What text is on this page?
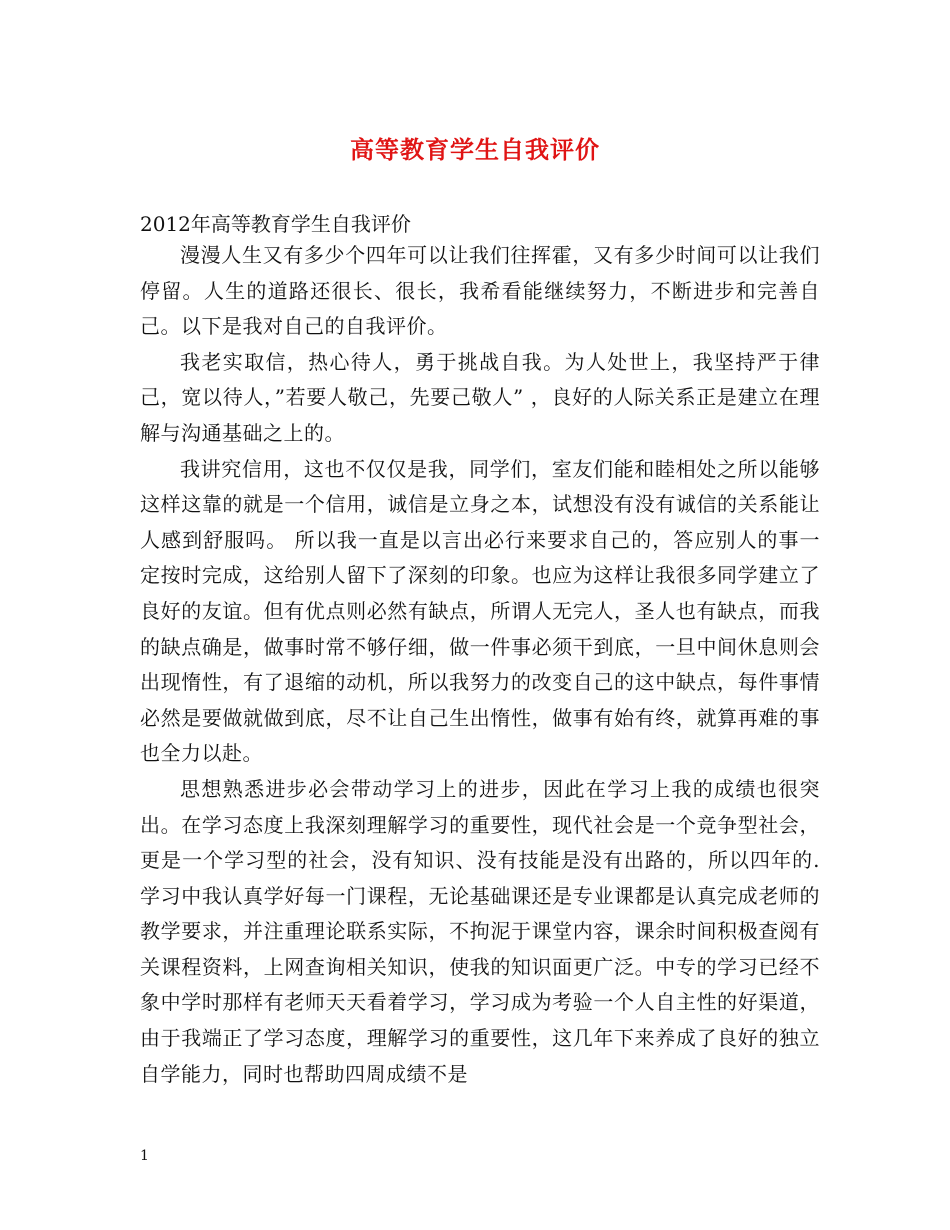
高等教育学生自我评价
2012年高等教育学生自我评价

漫漫人生又有多少个四年可以让我们往挥霍，又有多少时间可以让我们停留。人生的道路还很长、很长，我希看能继续努力，不断进步和完善自己。以下是我对自己的自我评价。

我老实取信，热心待人，勇于挑战自我。为人处世上，我坚持严于律己，宽以待人，”若要人敬己，先要己敬人” ，良好的人际关系正是建立在理解与沟通基础之上的。

我讲究信用，这也不仅仅是我，同学们，室友们能和睦相处之所以能够这样这靠的就是一个信用，诚信是立身之本，试想没有没有诚信的关系能让人感到舒服吗。 所以我一直是以言出必行来要求自己的，答应别人的事一定按时完成，这给别人留下了深刻的印象。也应为这样让我很多同学建立了良好的友谊。但有优点则必然有缺点，所谓人无完人，圣人也有缺点，而我的缺点确是，做事时常不够仔细，做一件事必须干到底，一旦中间休息则会出现惰性，有了退缩的动机，所以我努力的改变自己的这中缺点，每件事情必然是要做就做到底，尽不让自己生出惰性，做事有始有终，就算再难的事也全力以赴。

思想熟悉进步必会带动学习上的进步，因此在学习上我的成绩也很突出。在学习态度上我深刻理解学习的重要性，现代社会是一个竞争型社会，更是一个学习型的社会，没有知识、没有技能是没有出路的，所以四年的.学习中我认真学好每一门课程，无论基础课还是专业课都是认真完成老师的教学要求，并注重理论联系实际，不拘泥于课堂内容，课余时间积极查阅有关课程资料，上网查询相关知识，使我的知识面更广泛。中专的学习已经不象中学时那样有老师天天看着学习，学习成为考验一个人自主性的好渠道，由于我端正了学习态度，理解学习的重要性，这几年下来养成了良好的独立自学能力，同时也帮助四周成绩不是

1
